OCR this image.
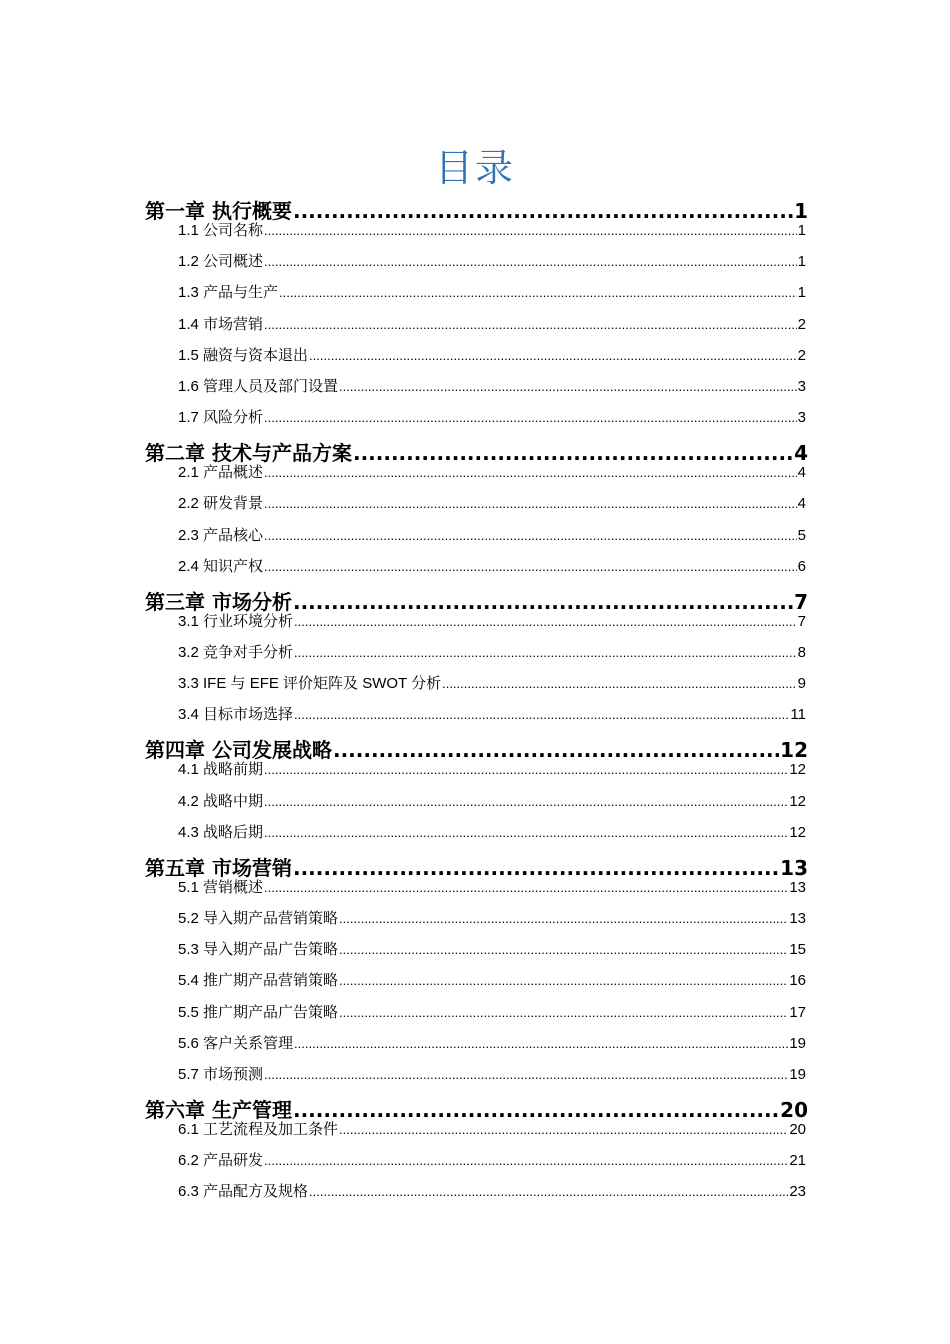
目录
第一章 执行概要 .....	1
1.1 公司名称 .....	1
1.2 公司概述 .....	1
1.3 产品与生产 .....	1
1.4 市场营销 .....	2
1.5 融资与资本退出 .....	2
1.6 管理人员及部门设置 .....	3
1.7 风险分析 .....	3
第二章 技术与产品方案 .....	4
2.1 产品概述 .....	4
2.2 研发背景 .....	4
2.3 产品核心 .....	5
2.4 知识产权 .....	6
第三章 市场分析 .....	7
3.1 行业环境分析 .....	7
3.2 竞争对手分析 .....	8
3.3 IFE 与 EFE 评价矩阵及 SWOT 分析 .....	9
3.4 目标市场选择 .....	11
第四章 公司发展战略 .....	12
4.1 战略前期 .....	12
4.2 战略中期 .....	12
4.3 战略后期 .....	12
第五章 市场营销 .....	13
5.1 营销概述 .....	13
5.2 导入期产品营销策略 .....	13
5.3 导入期产品广告策略 .....	15
5.4 推广期产品营销策略 .....	16
5.5 推广期产品广告策略 .....	17
5.6 客户关系管理 .....	19
5.7 市场预测 .....	19
第六章 生产管理 .....	20
6.1 工艺流程及加工条件 .....	20
6.2 产品研发 .....	21
6.3 产品配方及规格 .....	23
